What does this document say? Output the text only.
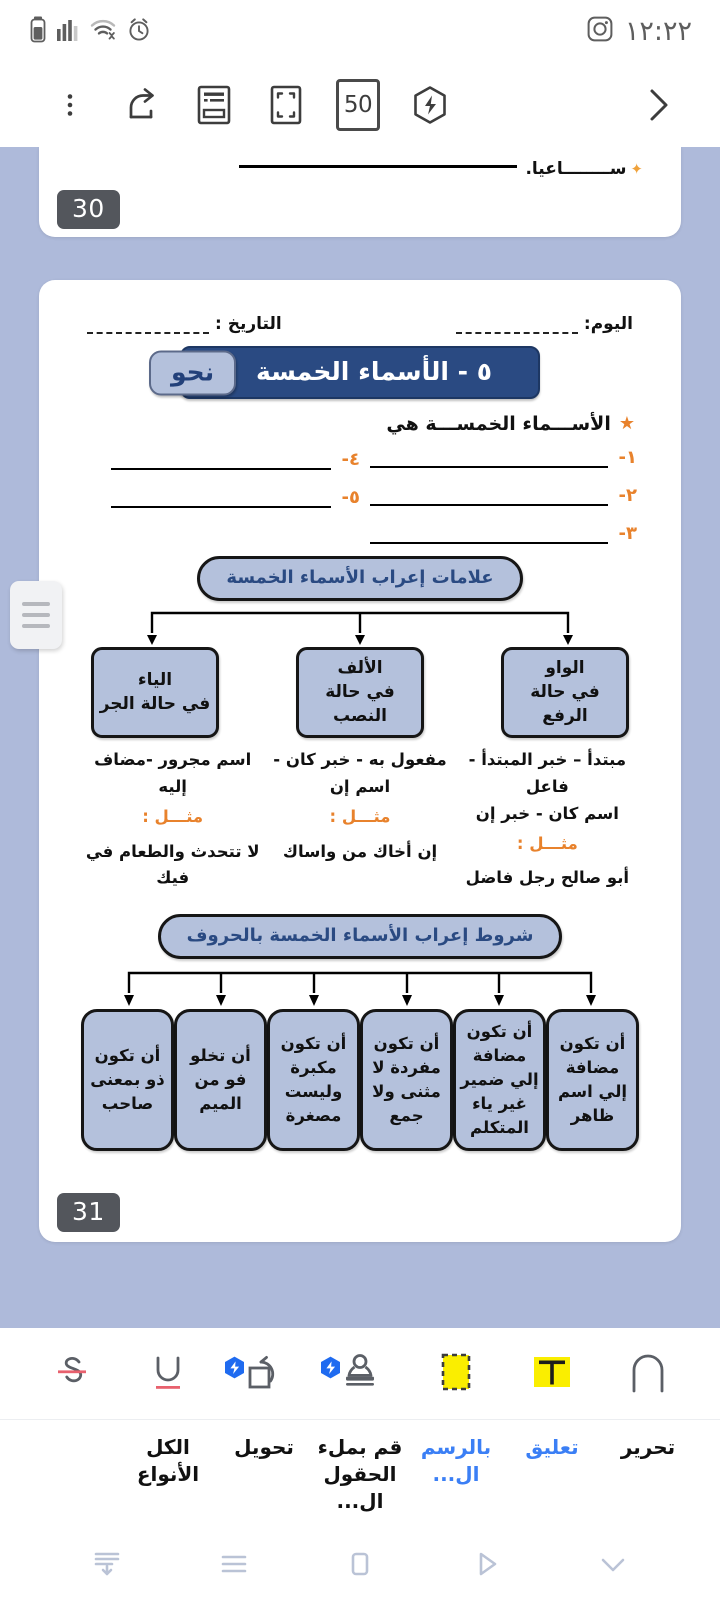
١٢:٢٢
50
✦
ســــــــاعيا.
30
اليوم:
التاريخ :
٥ - الأسماء الخمسة
نحو
★
الأســـماء الخمســـة هي
١-
٢-
٣-
٤-
٥-
علامات إعراب الأسماء الخمسة
الواو
في حالة الرفع
الألف
في حالة النصب
الياء
في حالة الجر
مبتدأ – خبر المبتدأ - فاعل
اسم كان - خبر إن
مثـــل :
أبو صالح رجل فاضل
مفعول به - خبر كان - اسم إن
مثـــل :
إن أخاك من واساك
اسم مجرور -مضاف إليه
مثـــل :
لا تتحدث والطعام في فيك
شروط إعراب الأسماء الخمسة بالحروف
أن تكون مضافة إلي اسم ظاهر
أن تكون مضافة إلي ضمير غير ياء المتكلم
أن تكون مفردة لا مثنى ولا جمع
أن تكون مكبرة وليست مصغرة
أن تخلو فو من الميم
أن تكون ذو بمعنى صاحب
31
تحرير
تعليق
بالرسم ال...
قم بملء الحقول ال...
تحويل
الكل الأنواع
